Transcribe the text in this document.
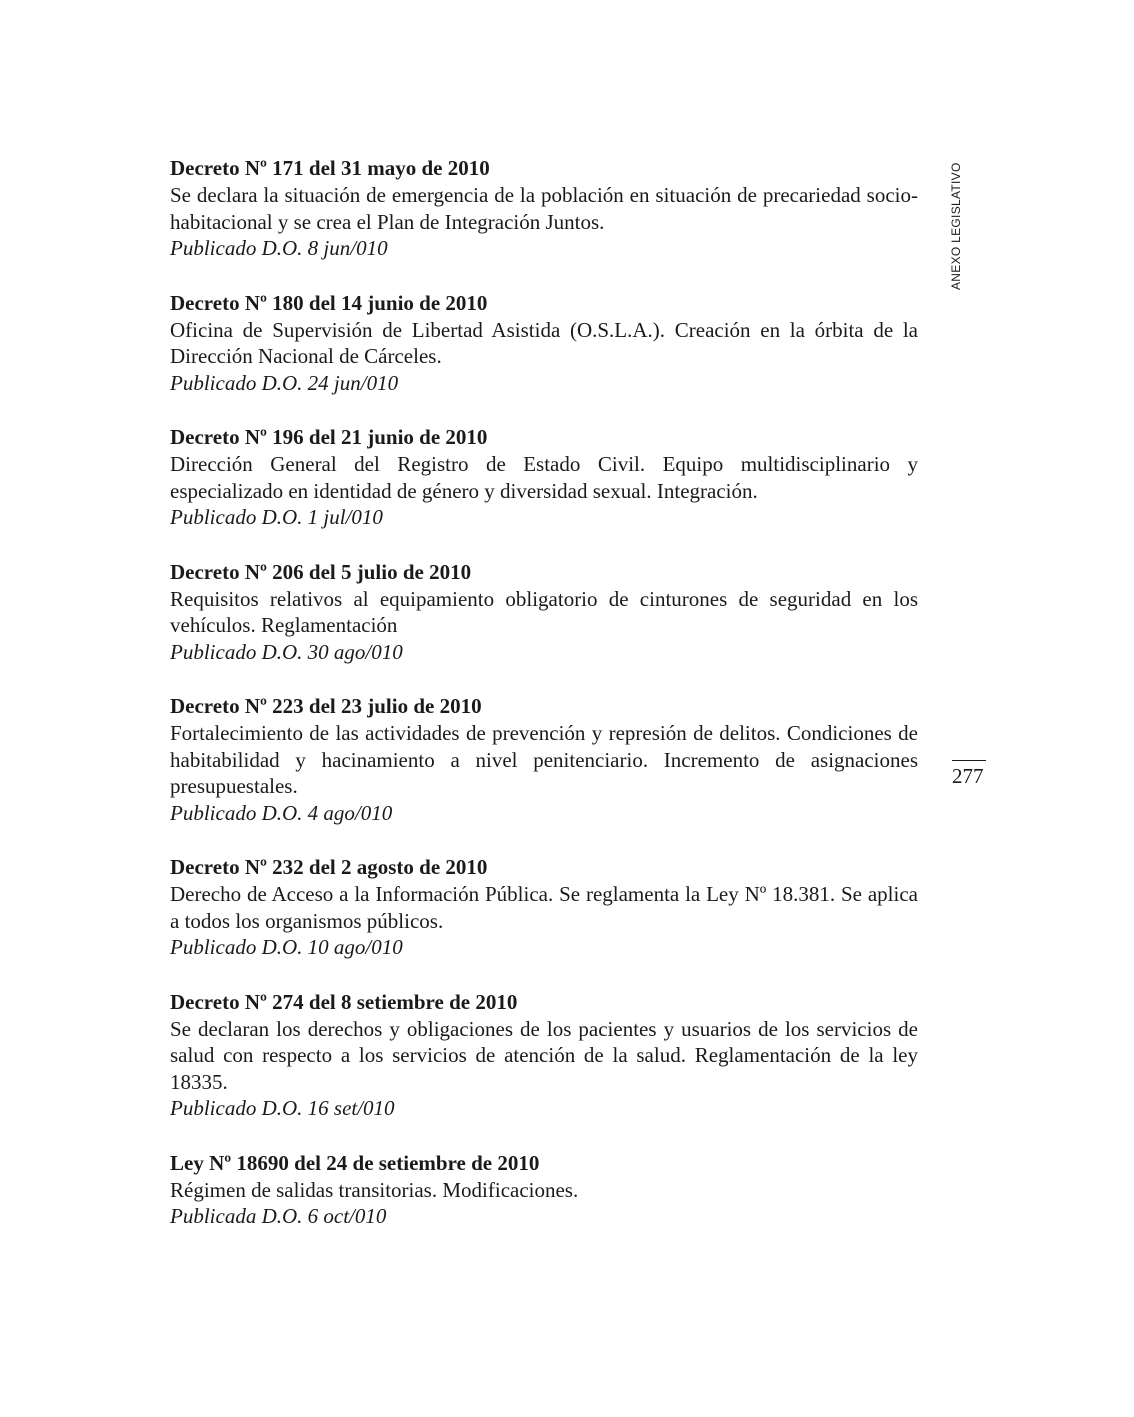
Decreto Nº 171 del 31 mayo de 2010

Se declara la situación de emergencia de la población en situación de precariedad socio-habitacional y se crea el Plan de Integración Juntos.

Publicado D.O. 8 jun/010

Decreto Nº 180 del 14 junio de 2010

Oficina de Supervisión de Libertad Asistida (O.S.L.A.). Creación en la órbita de la Dirección Nacional de Cárceles.

Publicado D.O. 24 jun/010

Decreto Nº 196 del 21 junio de 2010

Dirección General del Registro de Estado Civil. Equipo multidisciplinario y especializado en identidad de género y diversidad sexual. Integración.

Publicado D.O. 1 jul/010

Decreto Nº 206 del 5 julio de 2010

Requisitos relativos al equipamiento obligatorio de cinturones de seguridad en los vehículos. Reglamentación

Publicado D.O. 30 ago/010

Decreto Nº 223 del 23 julio de 2010

Fortalecimiento de las actividades de prevención y represión de delitos. Condiciones de habitabilidad y hacinamiento a nivel penitenciario. Incremento de asignaciones presupuestales.

Publicado D.O. 4 ago/010

Decreto Nº 232 del 2 agosto de 2010

Derecho de Acceso a la Información Pública. Se reglamenta la Ley Nº 18.381. Se aplica a todos los organismos públicos.

Publicado D.O. 10 ago/010

Decreto Nº 274 del 8 setiembre de 2010

Se declaran los derechos y obligaciones de los pacientes y usuarios de los servicios de salud con respecto a los servicios de atención de la salud. Reglamentación de la ley 18335.

Publicado D.O. 16 set/010

Ley Nº 18690 del 24 de setiembre de 2010

Régimen de salidas transitorias. Modificaciones.

Publicada D.O. 6 oct/010

ANEXO LEGISLATIVO
277
